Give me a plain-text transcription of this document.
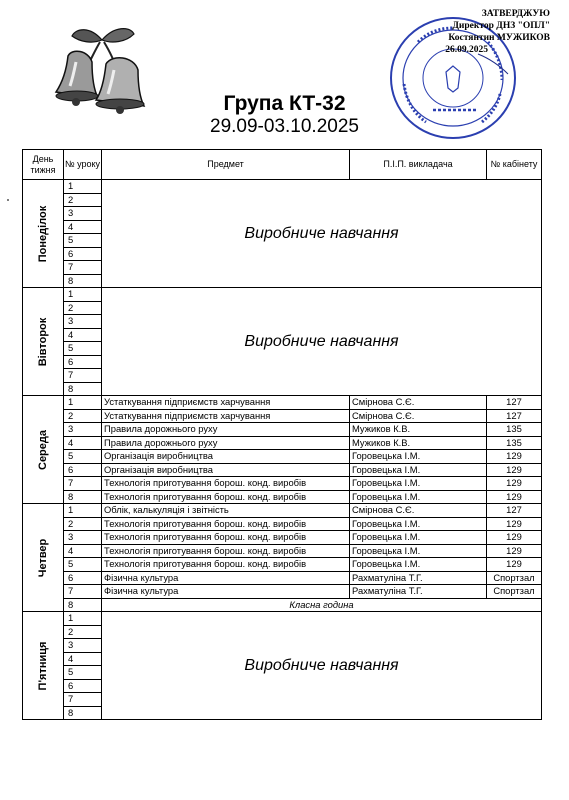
ЗАТВЕРДЖУЮ
Директор ДНЗ "ОПЛ"
Костянтин МУЖИКОВ
26.09.2025
Група КТ-32
29.09-03.10.2025
День тижня	№ уроку	Предмет	П.І.П. викладача	№ кабінету

Понеділок	1	Виробниче навчання		
	2			
	3			
	4			
	5			
	6			
	7			
	8			

Вівторок	1	Виробниче навчання		
	2			
	3			
	4			
	5			
	6			
	7			
	8			

Середа	1	Устаткування підприємств харчування	Смірнова С.Є.	127
	2	Устаткування підприємств харчування	Смірнова С.Є.	127
	3	Правила дорожнього руху	Мужиков К.В.	135
	4	Правила дорожнього руху	Мужиков К.В.	135
	5	Організація виробництва	Горовецька І.М.	129
	6	Організація виробництва	Горовецька І.М.	129
	7	Технологія приготування борош. конд. виробів	Горовецька І.М.	129
	8	Технологія приготування борош. конд. виробів	Горовецька І.М.	129

Четвер	1	Облік, калькуляція і звітність	Смірнова С.Є.	127
	2	Технологія приготування борош. конд. виробів	Горовецька І.М.	129
	3	Технологія приготування борош. конд. виробів	Горовецька І.М.	129
	4	Технологія приготування борош. конд. виробів	Горовецька І.М.	129
	5	Технологія приготування борош. конд. виробів	Горовецька І.М.	129
	6	Фізична культура	Рахматуліна Т.Г.	Спортзал
	7	Фізична культура	Рахматуліна Т.Г.	Спортзал
	8	Класна година		

П'ятниця	1	Виробниче навчання		
	2			
	3			
	4			
	5			
	6			
	7			
	8			
